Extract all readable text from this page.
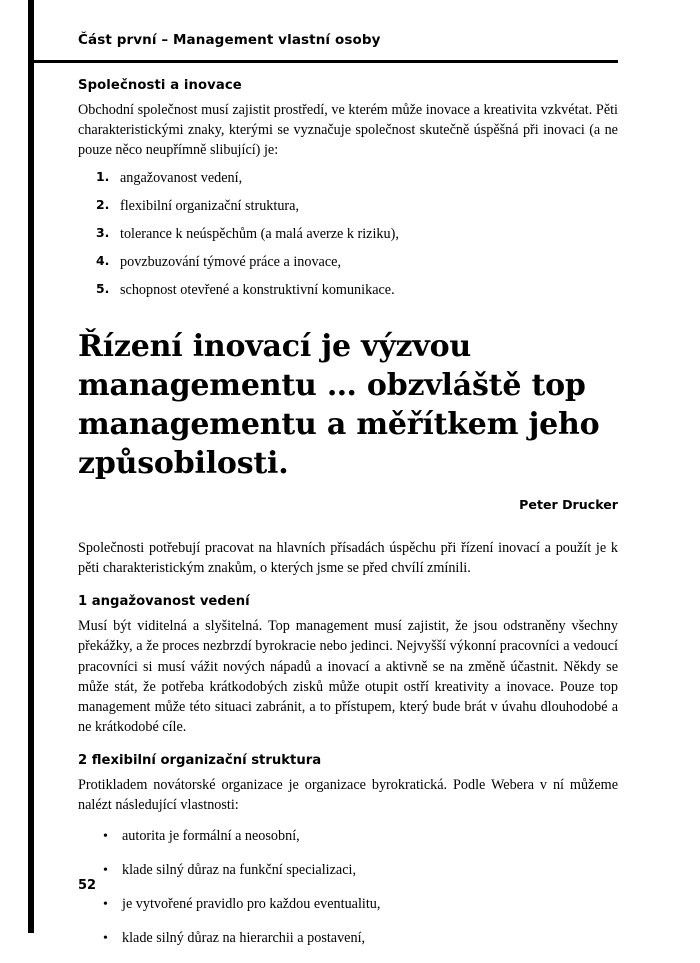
Část první – Management vlastní osoby
Společnosti a inovace

Obchodní společnost musí zajistit prostředí, ve kterém může inovace a kreativita vzkvétat. Pěti charakteristickými znaky, kterými se vyznačuje společnost skutečně úspěšná při inovaci (a ne pouze něco neupřímně slibující) je:

1. angažovanost vedení,
2. flexibilní organizační struktura,
3. tolerance k neúspěchům (a malá averze k riziku),
4. povzbuzování týmové práce a inovace,
5. schopnost otevřené a konstruktivní komunikace.
Řízení inovací je výzvou managementu … obzvláště top managementu a měřítkem jeho způsobilosti.
Peter Drucker

Společnosti potřebují pracovat na hlavních přísadách úspěchu při řízení inovací a použít je k pěti charakteristickým znakům, o kterých jsme se před chvílí zmínili.

1 angažovanost vedení

Musí být viditelná a slyšitelná. Top management musí zajistit, že jsou odstraněny všechny překážky, a že proces nezbrzdí byrokracie nebo jedinci. Nejvyšší výkonní pracovníci a vedoucí pracovníci si musí vážit nových nápadů a inovací a aktivně se na změně účastnit. Někdy se může stát, že potřeba krátkodobých zisků může otupit ostří kreativity a inovace. Pouze top management může této situaci zabránit, a to přístupem, který bude brát v úvahu dlouhodobé a ne krátkodobé cíle.

2 flexibilní organizační struktura

Protikladem novátorské organizace je organizace byrokratická. Podle Webera v ní můžeme nalézt následující vlastnosti:

• autorita je formální a neosobní,
• klade silný důraz na funkční specializaci,
• je vytvořené pravidlo pro každou eventualitu,
• klade silný důraz na hierarchii a postavení,
52
